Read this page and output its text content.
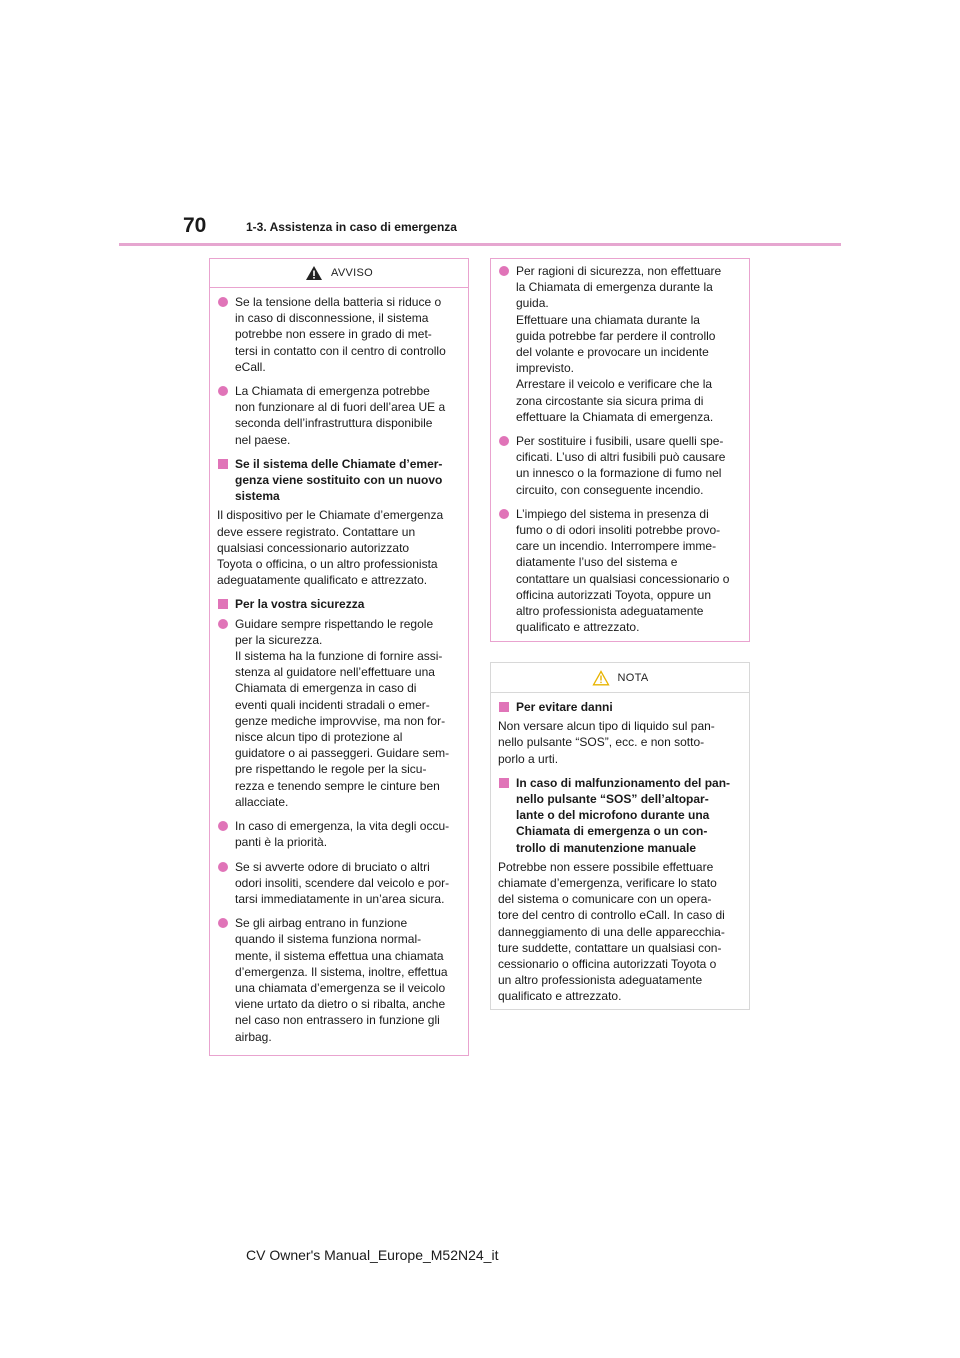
70	1-3. Assistenza in caso di emergenza
AVVISO
Se la tensione della batteria si riduce o
in caso di disconnessione, il sistema
potrebbe non essere in grado di met-
tersi in contatto con il centro di controllo
eCall.
La Chiamata di emergenza potrebbe
non funzionare al di fuori dell’area UE a
seconda dell’infrastruttura disponibile
nel paese.
Se il sistema delle Chiamate d’emer-
genza viene sostituito con un nuovo
sistema
Il dispositivo per le Chiamate d’emergenza
deve essere registrato. Contattare un
qualsiasi concessionario autorizzato
Toyota o officina, o un altro professionista
adeguatamente qualificato e attrezzato.
Per la vostra sicurezza
Guidare sempre rispettando le regole
per la sicurezza.
Il sistema ha la funzione di fornire assi-
stenza al guidatore nell’effettuare una
Chiamata di emergenza in caso di
eventi quali incidenti stradali o emer-
genze mediche improvvise, ma non for-
nisce alcun tipo di protezione al
guidatore o ai passeggeri. Guidare sem-
pre rispettando le regole per la sicu-
rezza e tenendo sempre le cinture ben
allacciate.
In caso di emergenza, la vita degli occu-
panti è la priorità.
Se si avverte odore di bruciato o altri
odori insoliti, scendere dal veicolo e por-
tarsi immediatamente in un’area sicura.
Se gli airbag entrano in funzione
quando il sistema funziona normal-
mente, il sistema effettua una chiamata
d’emergenza. Il sistema, inoltre, effettua
una chiamata d’emergenza se il veicolo
viene urtato da dietro o si ribalta, anche
nel caso non entrassero in funzione gli
airbag.
Per ragioni di sicurezza, non effettuare
la Chiamata di emergenza durante la
guida.
Effettuare una chiamata durante la
guida potrebbe far perdere il controllo
del volante e provocare un incidente
imprevisto.
Arrestare il veicolo e verificare che la
zona circostante sia sicura prima di
effettuare la Chiamata di emergenza.
Per sostituire i fusibili, usare quelli spe-
cificati. L’uso di altri fusibili può causare
un innesco o la formazione di fumo nel
circuito, con conseguente incendio.
L’impiego del sistema in presenza di
fumo o di odori insoliti potrebbe provo-
care un incendio. Interrompere imme-
diatamente l’uso del sistema e
contattare un qualsiasi concessionario o
officina autorizzati Toyota, oppure un
altro professionista adeguatamente
qualificato e attrezzato.
NOTA
Per evitare danni
Non versare alcun tipo di liquido sul pan-
nello pulsante “SOS”, ecc. e non sotto-
porlo a urti.
In caso di malfunzionamento del pan-
nello pulsante “SOS” dell’altopar-
lante o del microfono durante una
Chiamata di emergenza o un con-
trollo di manutenzione manuale
Potrebbe non essere possibile effettuare
chiamate d’emergenza, verificare lo stato
del sistema o comunicare con un opera-
tore del centro di controllo eCall. In caso di
danneggiamento di una delle apparecchia-
ture suddette, contattare un qualsiasi con-
cessionario o officina autorizzati Toyota o
un altro professionista adeguatamente
qualificato e attrezzato.
CV Owner's Manual_Europe_M52N24_it
